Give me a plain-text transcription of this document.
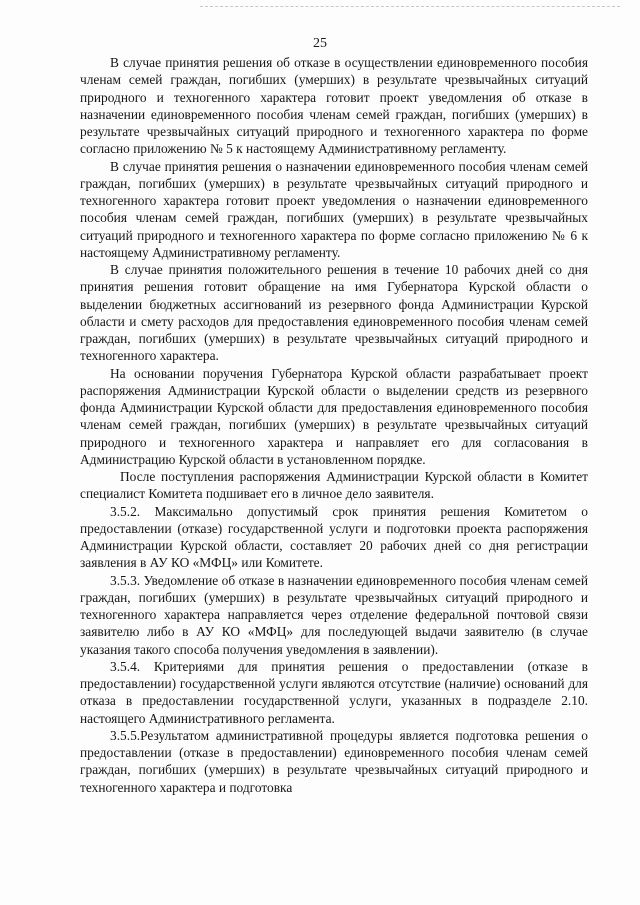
25

В случае принятия решения об отказе в осуществлении единовременного пособия членам семей граждан, погибших (умерших) в результате чрезвычайных ситуаций природного и техногенного характера готовит проект уведомления об отказе в назначении единовременного пособия членам семей граждан, погибших (умерших) в результате чрезвычайных ситуаций природного и техногенного характера по форме согласно приложению № 5 к настоящему Административному регламенту.

В случае принятия решения о назначении единовременного пособия членам семей граждан, погибших (умерших) в результате чрезвычайных ситуаций природного и техногенного характера готовит проект уведомления о назначении единовременного пособия членам семей граждан, погибших (умерших) в результате чрезвычайных ситуаций природного и техногенного характера по форме согласно приложению № 6 к настоящему Административному регламенту.

В случае принятия положительного решения в течение 10 рабочих дней со дня принятия решения готовит обращение на имя Губернатора Курской области о выделении бюджетных ассигнований из резервного фонда Администрации Курской области и смету расходов для предоставления единовременного пособия членам семей граждан, погибших (умерших) в результате чрезвычайных ситуаций природного и техногенного характера.

На основании поручения Губернатора Курской области разрабатывает проект распоряжения Администрации Курской области о выделении средств из резервного фонда Администрации Курской области для предоставления единовременного пособия членам семей граждан, погибших (умерших) в результате чрезвычайных ситуаций природного и техногенного характера и направляет его для согласования в Администрацию Курской области в установленном порядке.

После поступления распоряжения Администрации Курской области в Комитет специалист Комитета подшивает его в личное дело заявителя.

3.5.2. Максимально допустимый срок принятия решения Комитетом о предоставлении (отказе) государственной услуги и подготовки проекта распоряжения Администрации Курской области, составляет 20 рабочих дней со дня регистрации заявления в АУ КО «МФЦ» или Комитете.

3.5.3. Уведомление об отказе в назначении единовременного пособия членам семей граждан, погибших (умерших) в результате чрезвычайных ситуаций природного и техногенного характера направляется через отделение федеральной почтовой связи заявителю либо в АУ КО «МФЦ» для последующей выдачи заявителю (в случае указания такого способа получения уведомления в заявлении).

3.5.4. Критериями для принятия решения о предоставлении (отказе в предоставлении) государственной услуги являются отсутствие (наличие) оснований для отказа в предоставлении государственной услуги, указанных в подразделе 2.10. настоящего Административного регламента.

3.5.5.Результатом административной процедуры является подготовка решения о предоставлении (отказе в предоставлении) единовременного пособия членам семей граждан, погибших (умерших) в результате чрезвычайных ситуаций природного и техногенного характера и подготовка
